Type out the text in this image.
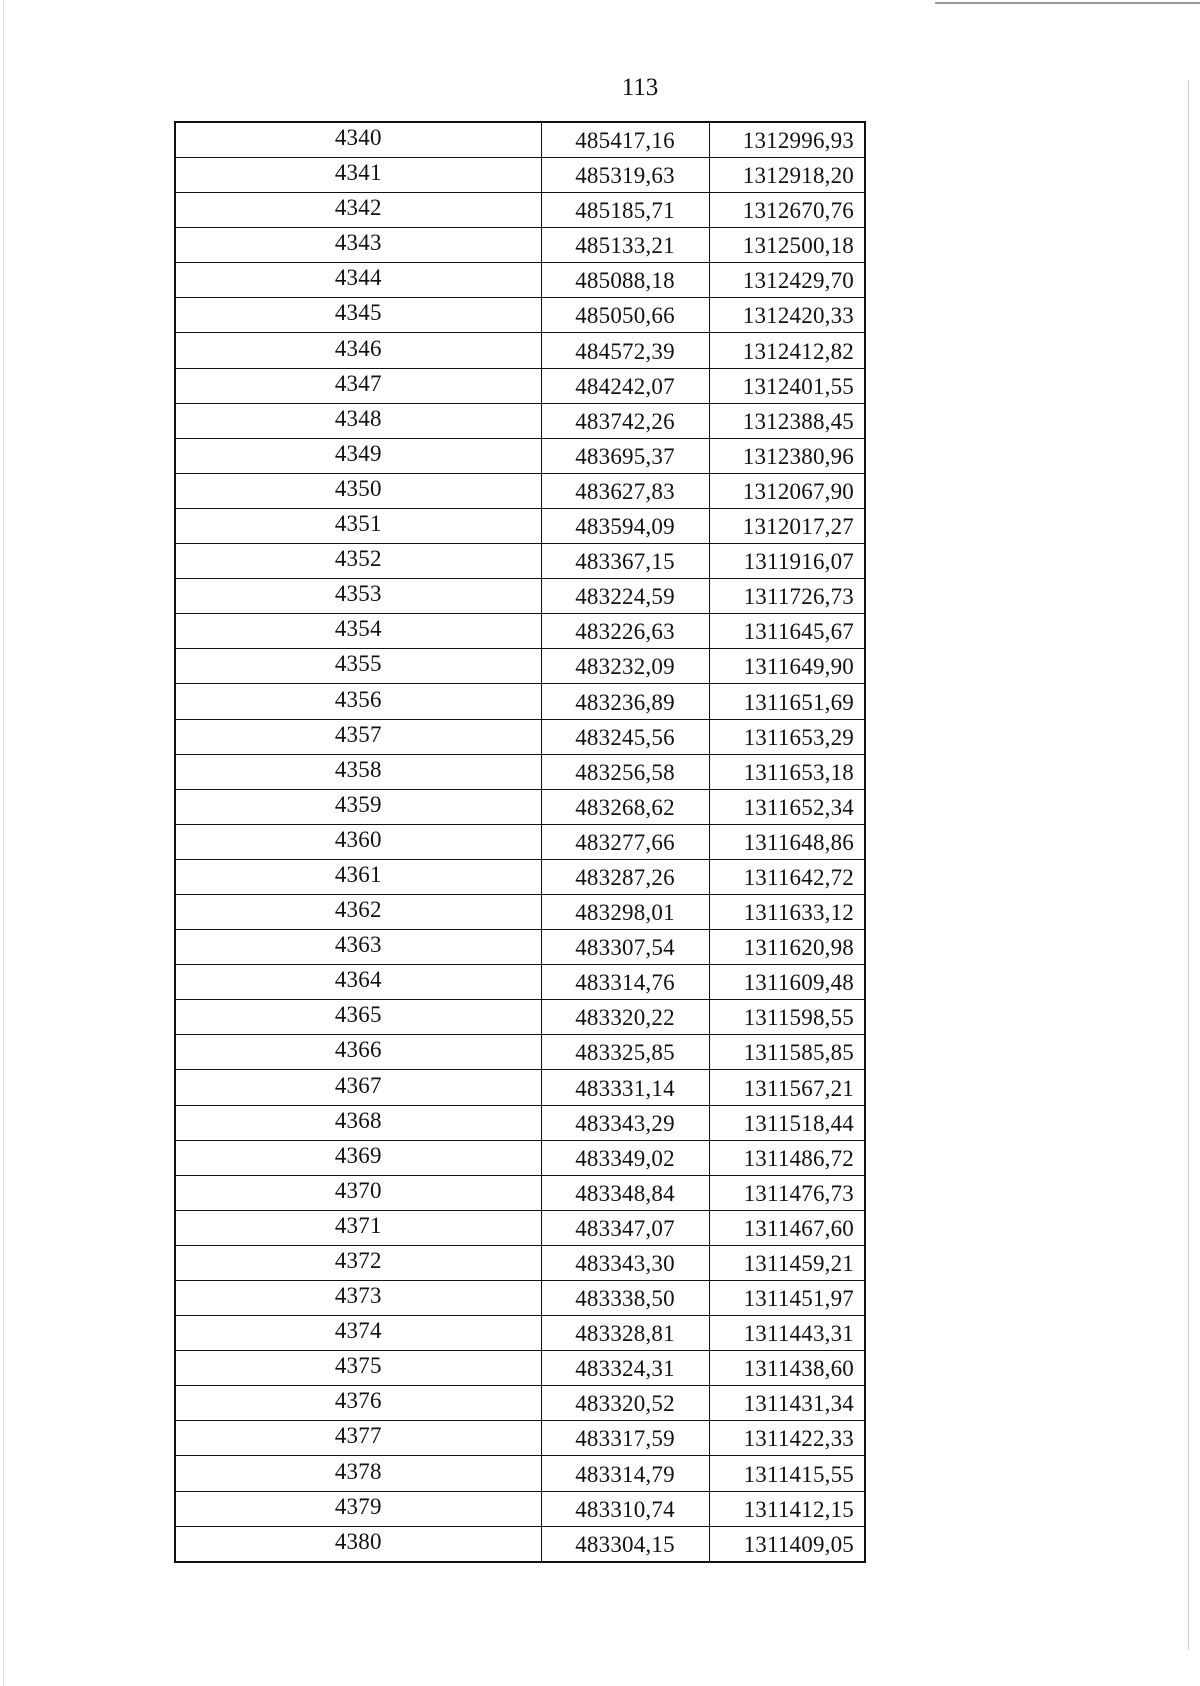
113
4340	485417,16	1312996,93
4341	485319,63	1312918,20
4342	485185,71	1312670,76
4343	485133,21	1312500,18
4344	485088,18	1312429,70
4345	485050,66	1312420,33
4346	484572,39	1312412,82
4347	484242,07	1312401,55
4348	483742,26	1312388,45
4349	483695,37	1312380,96
4350	483627,83	1312067,90
4351	483594,09	1312017,27
4352	483367,15	1311916,07
4353	483224,59	1311726,73
4354	483226,63	1311645,67
4355	483232,09	1311649,90
4356	483236,89	1311651,69
4357	483245,56	1311653,29
4358	483256,58	1311653,18
4359	483268,62	1311652,34
4360	483277,66	1311648,86
4361	483287,26	1311642,72
4362	483298,01	1311633,12
4363	483307,54	1311620,98
4364	483314,76	1311609,48
4365	483320,22	1311598,55
4366	483325,85	1311585,85
4367	483331,14	1311567,21
4368	483343,29	1311518,44
4369	483349,02	1311486,72
4370	483348,84	1311476,73
4371	483347,07	1311467,60
4372	483343,30	1311459,21
4373	483338,50	1311451,97
4374	483328,81	1311443,31
4375	483324,31	1311438,60
4376	483320,52	1311431,34
4377	483317,59	1311422,33
4378	483314,79	1311415,55
4379	483310,74	1311412,15
4380	483304,15	1311409,05
